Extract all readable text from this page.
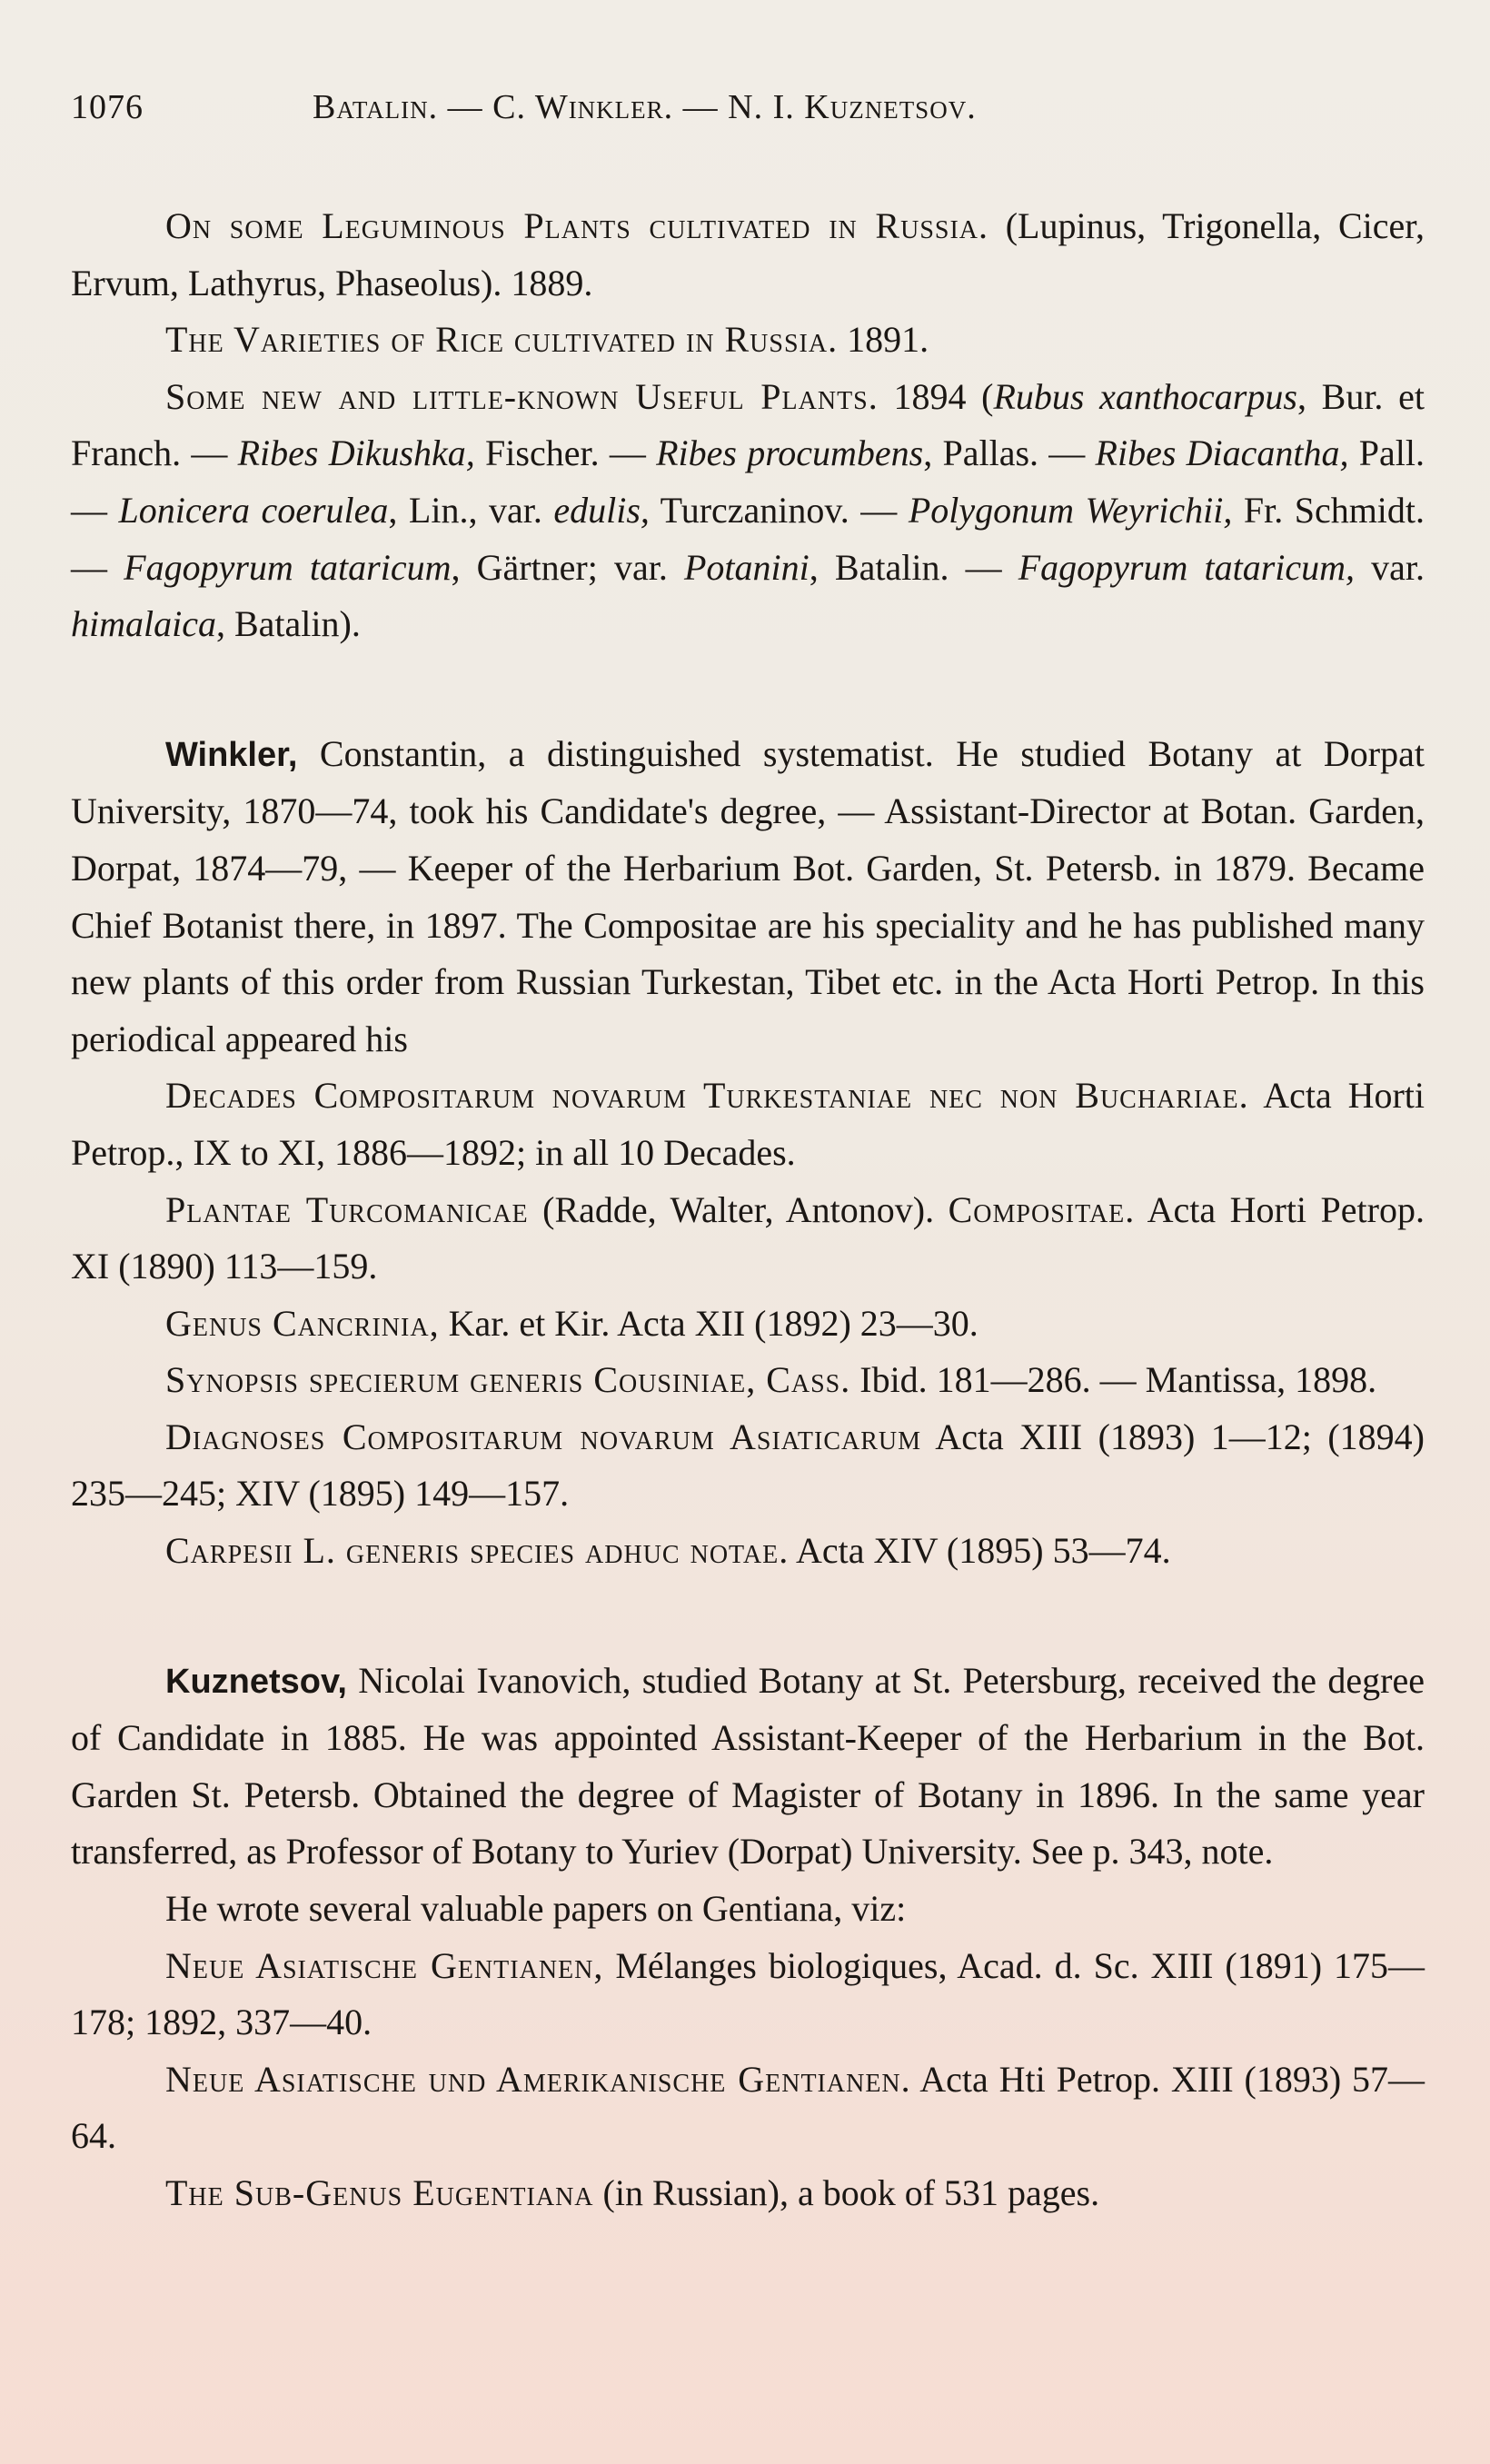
1076	Batalin. — C. Winkler. — N. I. Kuznetsov.

On some Leguminous Plants cultivated in Russia. (Lupinus, Trigonella, Cicer, Ervum, Lathyrus, Phaseolus). 1889.

The Varieties of Rice cultivated in Russia. 1891.

Some new and little-known Useful Plants. 1894 (Rubus xanthocarpus, Bur. et Franch. — Ribes Dikushka, Fischer. — Ribes procumbens, Pallas. — Ribes Diacantha, Pall. — Lonicera coerulea, Lin., var. edulis, Turczaninov. — Polygonum Weyrichii, Fr. Schmidt. — Fagopyrum tataricum, Gärtner; var. Potanini, Batalin. — Fagopyrum tataricum, var. himalaica, Batalin).

Winkler, Constantin, a distinguished systematist. He studied Botany at Dorpat University, 1870—74, took his Candidate's degree, — Assistant-Director at Botan. Garden, Dorpat, 1874—79, — Keeper of the Herbarium Bot. Garden, St. Petersb. in 1879. Became Chief Botanist there, in 1897. The Compositae are his speciality and he has published many new plants of this order from Russian Turkestan, Tibet etc. in the Acta Horti Petrop. In this periodical appeared his

Decades Compositarum novarum Turkestaniae nec non Buchariae. Acta Horti Petrop., IX to XI, 1886—1892; in all 10 Decades.

Plantae Turcomanicae (Radde, Walter, Antonov). Compositae. Acta Horti Petrop. XI (1890) 113—159.

Genus Cancrinia, Kar. et Kir. Acta XII (1892) 23—30.

Synopsis specierum generis Cousiniae, Cass. Ibid. 181—286. — Mantissa, 1898.

Diagnoses Compositarum novarum Asiaticarum Acta XIII (1893) 1—12; (1894) 235—245; XIV (1895) 149—157.

Carpesii L. generis species adhuc notae. Acta XIV (1895) 53—74.

Kuznetsov, Nicolai Ivanovich, studied Botany at St. Petersburg, received the degree of Candidate in 1885. He was appointed Assistant-Keeper of the Herbarium in the Bot. Garden St. Petersb. Obtained the degree of Magister of Botany in 1896. In the same year transferred, as Professor of Botany to Yuriev (Dorpat) University. See p. 343, note.

He wrote several valuable papers on Gentiana, viz:

Neue Asiatische Gentianen, Mélanges biologiques, Acad. d. Sc. XIII (1891) 175—178; 1892, 337—40.

Neue Asiatische und Amerikanische Gentianen. Acta Hti Petrop. XIII (1893) 57—64.

The Sub-Genus Eugentiana (in Russian), a book of 531 pages.
